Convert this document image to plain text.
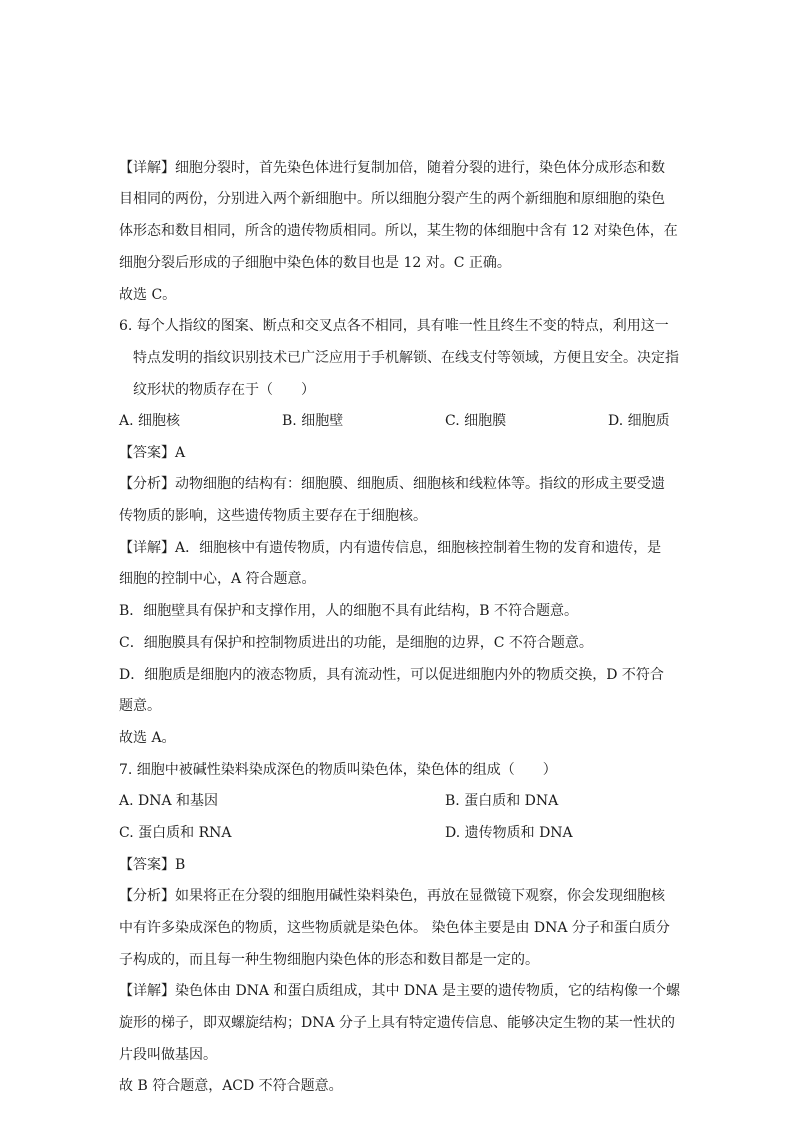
【详解】细胞分裂时，首先染色体进行复制加倍，随着分裂的进行，染色体分成形态和数
目相同的两份，分别进入两个新细胞中。所以细胞分裂产生的两个新细胞和原细胞的染色
体形态和数目相同，所含的遗传物质相同。所以，某生物的体细胞中含有 12 对染色体，在
细胞分裂后形成的子细胞中染色体的数目也是 12 对。C 正确。
故选 C。
6. 每个人指纹的图案、断点和交叉点各不相同，具有唯一性且终生不变的特点，利用这一
特点发明的指纹识别技术已广泛应用于手机解锁、在线支付等领域，方便且安全。决定指
纹形状的物质存在于（　　）
A. 细胞核	B. 细胞壁	C. 细胞膜	D. 细胞质
【答案】A
【分析】动物细胞的结构有：细胞膜、细胞质、细胞核和线粒体等。指纹的形成主要受遗
传物质的影响，这些遗传物质主要存在于细胞核。
【详解】A．细胞核中有遗传物质，内有遗传信息，细胞核控制着生物的发育和遗传，是
细胞的控制中心，A 符合题意。
B．细胞壁具有保护和支撑作用，人的细胞不具有此结构，B 不符合题意。
C．细胞膜具有保护和控制物质进出的功能，是细胞的边界，C 不符合题意。
D．细胞质是细胞内的液态物质，具有流动性，可以促进细胞内外的物质交换，D 不符合
题意。
故选 A。
7. 细胞中被碱性染料染成深色的物质叫染色体，染色体的组成（　　）
A. DNA 和基因	B. 蛋白质和 DNA
C. 蛋白质和 RNA	D. 遗传物质和 DNA
【答案】B
【分析】如果将正在分裂的细胞用碱性染料染色，再放在显微镜下观察，你会发现细胞核
中有许多染成深色的物质，这些物质就是染色体。 染色体主要是由 DNA 分子和蛋白质分
子构成的，而且每一种生物细胞内染色体的形态和数目都是一定的。
【详解】染色体由 DNA 和蛋白质组成，其中 DNA 是主要的遗传物质，它的结构像一个螺
旋形的梯子，即双螺旋结构；DNA 分子上具有特定遗传信息、能够决定生物的某一性状的
片段叫做基因。
故 B 符合题意，ACD 不符合题意。
